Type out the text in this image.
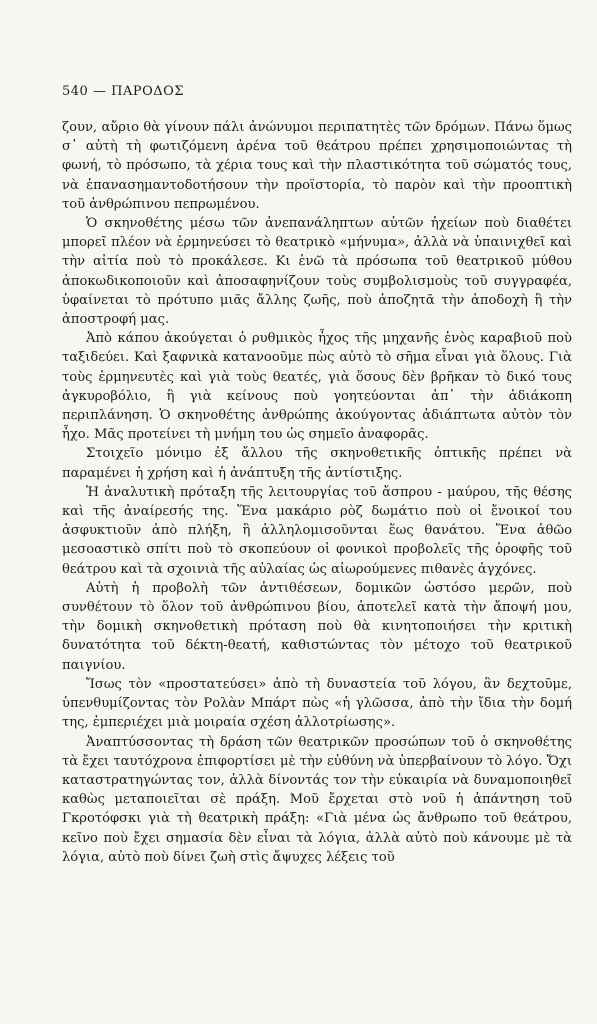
540 — ΠΑΡΟΔΟΣ

ζουν, αὔριο θὰ γίνουν πάλι ἀνώνυμοι περιπατητὲς τῶν δρόμων. Πάνω ὅμως σ᾿ αὐτὴ τὴ φωτιζόμενη ἀρένα τοῦ θεάτρου πρέπει χρησιμοποιώντας τὴ φωνή, τὸ πρόσωπο, τὰ χέρια τους καὶ τὴν πλαστικότητα τοῦ σώματός τους, νὰ ἐπανασημαντοδοτήσουν τὴν προϊστορία, τὸ παρὸν καὶ τὴν προοπτικὴ τοῦ ἀνθρώπινου πεπρωμένου.

Ὁ σκηνοθέτης μέσω τῶν ἀνεπανάληπτων αὐτῶν ἠχείων ποὺ διαθέτει μπορεῖ πλέον νὰ ἑρμηνεύσει τὸ θεατρικὸ «μήνυμα», ἀλλὰ νὰ ὑπαινιχθεῖ καὶ τὴν αἰτία ποὺ τὸ προκάλεσε. Κι ἐνῶ τὰ πρόσωπα τοῦ θεατρικοῦ μύθου ἀποκωδικοποιοῦν καὶ ἀποσαφηνίζουν τοὺς συμβολισμοὺς τοῦ συγγραφέα, ὑφαίνεται τὸ πρότυπο μιᾶς ἄλλης ζωῆς, ποὺ ἀποζητᾶ τὴν ἀποδοχὴ ἢ τὴν ἀποστροφή μας.

Ἀπὸ κάπου ἀκούγεται ὁ ρυθμικὸς ἦχος τῆς μηχανῆς ἑνὸς καραβιοῦ ποὺ ταξιδεύει. Καὶ ξαφνικὰ κατανοοῦμε πὼς αὐτὸ τὸ σῆμα εἶναι γιὰ ὅλους. Γιὰ τοὺς ἑρμηνευτὲς καὶ γιὰ τοὺς θεατές, γιὰ ὅσους δὲν βρῆκαν τὸ δικό τους ἀγκυροβόλιο, ἢ γιὰ κείνους ποὺ γοητεύονται ἀπ᾿ τὴν ἀδιάκοπη περιπλάνηση. Ὁ σκηνοθέτης ἀνθρώπης ἀκούγοντας ἀδιάπτωτα αὐτὸν τὸν ἦχο. Μᾶς προτείνει τὴ μνήμη του ὡς σημεῖο ἀναφορᾶς.

Στοιχεῖο μόνιμο ἐξ ἄλλου τῆς σκηνοθετικῆς ὀπτικῆς πρέπει νὰ παραμένει ἡ χρήση καὶ ἡ ἀνάπτυξη τῆς ἀντίστιξης.

Ἡ ἀναλυτικὴ πρόταξη τῆς λειτουργίας τοῦ ἄσπρου - μαύρου, τῆς θέσης καὶ τῆς ἀναίρεσής της. Ἕνα μακάριο ρὸζ δωμάτιο ποὺ οἱ ἔνοικοί του ἀσφυκτιοῦν ἀπὸ πλήξη, ἢ ἀλληλομισοῦνται ἕως θανάτου. Ἕνα ἀθῶο μεσοαστικὸ σπίτι ποὺ τὸ σκοπεύουν οἱ φονικοὶ προβολεῖς τῆς ὀροφῆς τοῦ θεάτρου καὶ τὰ σχοινιὰ τῆς αὐλαίας ὡς αἰωρούμενες πιθανὲς ἀγχόνες.

Αὐτὴ ἡ προβολὴ τῶν ἀντιθέσεων, δομικῶν ὡστόσο μερῶν, ποὺ συνθέτουν τὸ ὅλον τοῦ ἀνθρώπινου βίου, ἀποτελεῖ κατὰ τὴν ἄποψή μου, τὴν δομικὴ σκηνοθετικὴ πρόταση ποὺ θὰ κινητοποιήσει τὴν κριτικὴ δυνατότητα τοῦ δέκτη-θεατή, καθιστώντας τὸν μέτοχο τοῦ θεατρικοῦ παιγνίου.

Ἴσως τὸν «προστατεύσει» ἀπὸ τὴ δυναστεία τοῦ λόγου, ἂν δεχτοῦμε, ὑπενθυμίζοντας τὸν Ρολὰν Μπάρτ πὼς «ἡ γλῶσσα, ἀπὸ τὴν ἴδια τὴν δομή της, ἐμπεριέχει μιὰ μοιραία σχέση ἀλλοτρίωσης».

Ἀναπτύσσοντας τὴ δράση τῶν θεατρικῶν προσώπων τοῦ ὁ σκηνοθέτης τὰ ἔχει ταυτόχρονα ἐπιφορτίσει μὲ τὴν εὐθύνη νὰ ὑπερβαίνουν τὸ λόγο. Ὄχι καταστρατηγώντας τον, ἀλλὰ δίνοντάς τον τὴν εὐκαιρία νὰ δυναμοποιηθεῖ καθὼς μεταποιεῖται σὲ πράξη. Μοῦ ἔρχεται στὸ νοῦ ἡ ἀπάντηση τοῦ Γκροτόφσκι γιὰ τὴ θεατρικὴ πράξη: «Γιὰ μένα ὡς ἄνθρωπο τοῦ θεάτρου, κεῖνο ποὺ ἔχει σημασία δὲν εἶναι τὰ λόγια, ἀλλὰ αὐτὸ ποὺ κάνουμε μὲ τὰ λόγια, αὐτὸ ποὺ δίνει ζωὴ στὶς ἄψυχες λέξεις τοῦ
